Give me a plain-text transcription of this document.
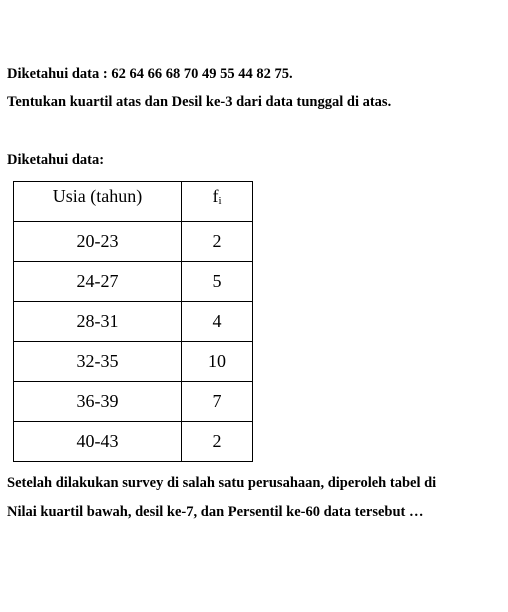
Diketahui data : 62 64 66 68 70 49 55 44 82 75.
Tentukan kuartil atas dan Desil ke-3 dari data tunggal di atas.
Diketahui data:
Usia (tahun)	fi
20-23	2
24-27	5
28-31	4
32-35	10
36-39	7
40-43	2
Setelah dilakukan survey di salah satu perusahaan, diperoleh tabel di
Nilai kuartil bawah, desil ke-7, dan Persentil ke-60 data tersebut …
